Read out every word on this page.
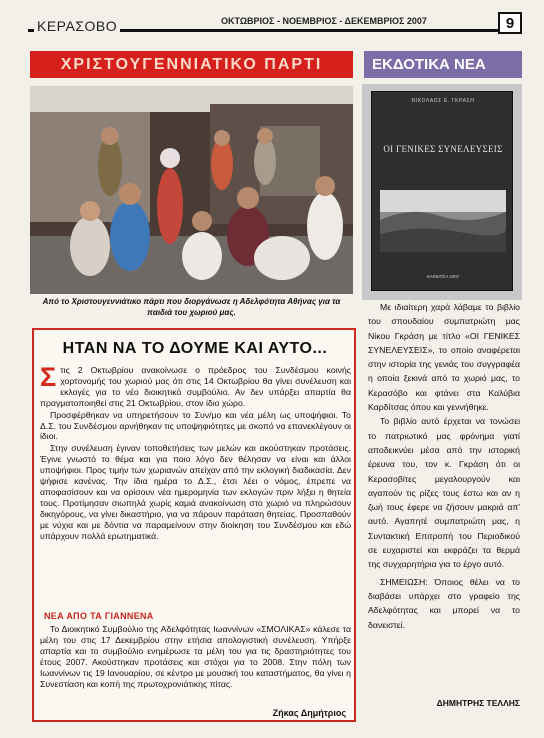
ΚΕΡΑΣΟΒΟ	ΟΚΤΩΒΡΙΟΣ - ΝΟΕΜΒΡΙΟΣ - ΔΕΚΕΜΒΡΙΟΣ 2007	9
ΧΡΙΣΤΟΥΓΕΝΝΙΑΤΙΚΟ ΠΑΡΤΙ	ΕΚΔΟΤΙΚΑ ΝΕΑ
Από το Χριστουγεννιάτικο πάρτι που διοργάνωσε η Αδελφότητα Αθήνας για τα παιδιά του χωριού μας.
ΗΤΑΝ ΝΑ ΤΟ ΔΟΥΜΕ ΚΑΙ ΑΥΤΟ...

Στις 2 Οκτωβρίου ανακοίνωσε ο πρόεδρος του Συνδέσμου κοινής χορτονομής του χωριού μας ότι στις 14 Οκτωβρίου θα γίνει συνέλευση και εκλογές για το νέο διοικητικό συμβούλιο. Αν δεν υπάρξει απαρτία θα πραγματοποιηθεί στις 21 Οκτωβρίου, στον ίδιο χώρο.

Προσφέρθηκαν να υπηρετήσουν το Συν/μο και νέα μέλη ως υποψήφιοι. Το Δ.Σ. του Συνδέσμου αρνήθηκαν τις υποψηφιότητες με σκοπό να επανεκλέγουν οι ίδιοι.

Στην συνέλευση έγιναν τοποθετήσεις των μελών και ακούστηκαν προτάσεις. Έγινε γνωστό το θέμα και για ποιο λόγο δεν θέλησαν να είναι και άλλοι υποψήφιοι. Προς τιμήν των χωριανών απείχαν από την εκλογική διαδικασία. Δεν ψήφισε κανένας. Την ίδια ημέρα το Δ.Σ., έτσι λέει ο νόμος, έπρεπε να αποφασίσουν και να ορίσουν νέα ημερομηνία των εκλογών πριν λήξει η θητεία τους. Προτίμησαν σιωπηλά χωρίς καμιά ανακοίνωση στο χωριό να πληρώσουν δικηγόρους, να γίνει δικαστήριο, για να πάρουν παράταση θητείας. Προσπαθούν με νύχια και με δόντια να παραμείνουν στην διοίκηση του Συνδέσμου και εδώ υπάρχουν πολλά ερωτηματικά.

ΝΕΑ ΑΠΟ ΤΑ ΓΙΑΝΝΕΝΑ

Το Διοικητικό Συμβούλιο της Αδελφότητας Ιωαννίνων «ΣΜΟΛΙΚΑΣ» κάλεσε τα μέλη του στις 17 Δεκεμβρίου στην ετήσια απολογιστική συνέλευση. Υπήρξε απαρτία και το συμβούλιο ενημέρωσε τα μέλη του για τις δραστηριότητες του έτους 2007. Ακούστηκαν προτάσεις και στόχοι για το 2008. Στην πόλη των Ιωαννίνων τις 19 Ιανουαρίου, σε κέντρο με μουσική του καταστήματος, θα γίνει η Συνεστίαση και κοπή της πρωτοχρονιάτικης πίτας.

Ζήκας Δημήτριος
ΝΙΚΟΛΑΟΣ Ε. ΓΚΡΑΣΗ
ΟΙ ΓΕΝΙΚΕΣ ΣΥΝΕΛΕΥΣΕΙΣ
ΚΑΡΔΙΤΣΑ 2007

Με ιδιαίτερη χαρά λάβαμε το βιβλίο του σπουδαίου συμπατριώτη μας Νίκου Γκράση με τίτλο «ΟΙ ΓΕΝΙΚΕΣ ΣΥΝΕΛΕΥΣΕΙΣ», το οποίο αναφέρεται στην ιστορία της γενιάς του συγγραφέα η οποία ξεκινά από το χωριό μας, το Κερασόβο και φτάνει στα Καλύβια Καρδίτσας όπου και γεννήθηκε.

Το βιβλίο αυτό έρχεται να τονώσει το πατριωτικό μας φρόνημα γιατί αποδεικνύει μέσα από την ιστορική έρευνα του, τον κ. Γκράση ότι οι Κερασοβίτες μεγαλουργούν και αγαπούν τις ρίζες τους έστω και αν η ζωή τους έφερε να ζήσουν μακριά απ' αυτό. Αγαπητέ συμπατριώτη μας, η Συντακτική Επιτροπή του Περιοδικού σε ευχαριστεί και εκφράζει τα θερμά της συγχαρητήρια για το έργο αυτό.

ΣΗΜΕΙΩΣΗ: Όποιος θέλει να το διαβάσει υπάρχει στο γραφείο της Αδελφότητας και μπορεί να το δανειστεί.

ΔΗΜΗΤΡΗΣ ΤΕΛΛΗΣ
